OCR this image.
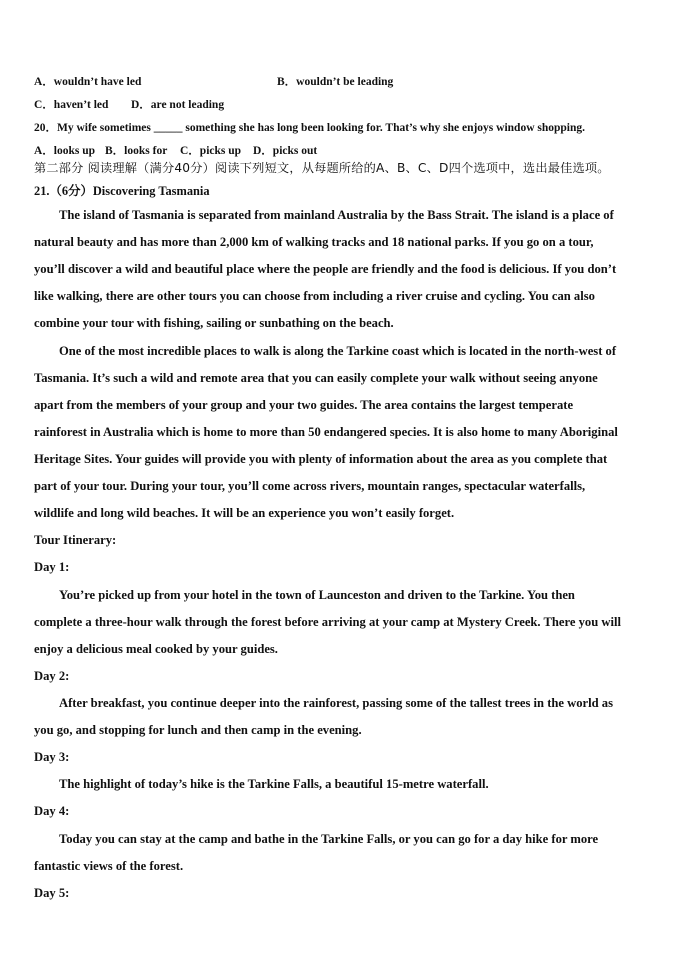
A．wouldn’t have led	B．wouldn’t be leading
C．haven’t led D．are not leading
20．My wife sometimes _____ something she has long been looking for. That’s why she enjoys window shopping.
A．looks up B．looks for C．picks up D．picks out
第二部分 阅读理解（满分40分）阅读下列短文，从每题所给的A、B、C、D四个选项中，选出最佳选项。
21.（6分）Discovering Tasmania
The island of Tasmania is separated from mainland Australia by the Bass Strait. The island is a place of
natural beauty and has more than 2,000 km of walking tracks and 18 national parks. If you go on a tour,
you’ll discover a wild and beautiful place where the people are friendly and the food is delicious. If you don’t
like walking, there are other tours you can choose from including a river cruise and cycling. You can also
combine your tour with fishing, sailing or sunbathing on the beach.
One of the most incredible places to walk is along the Tarkine coast which is located in the north-west of
Tasmania. It’s such a wild and remote area that you can easily complete your walk without seeing anyone
apart from the members of your group and your two guides. The area contains the largest temperate
rainforest in Australia which is home to more than 50 endangered species. It is also home to many Aboriginal
Heritage Sites. Your guides will provide you with plenty of information about the area as you complete that
part of your tour. During your tour, you’ll come across rivers, mountain ranges, spectacular waterfalls,
wildlife and long wild beaches. It will be an experience you won’t easily forget.
Tour Itinerary:
Day 1:
You’re picked up from your hotel in the town of Launceston and driven to the Tarkine. You then
complete a three-hour walk through the forest before arriving at your camp at Mystery Creek. There you will
enjoy a delicious meal cooked by your guides.
Day 2:
After breakfast, you continue deeper into the rainforest, passing some of the tallest trees in the world as
you go, and stopping for lunch and then camp in the evening.
Day 3:
The highlight of today’s hike is the Tarkine Falls, a beautiful 15-metre waterfall.
Day 4:
Today you can stay at the camp and bathe in the Tarkine Falls, or you can go for a day hike for more
fantastic views of the forest.
Day 5:
